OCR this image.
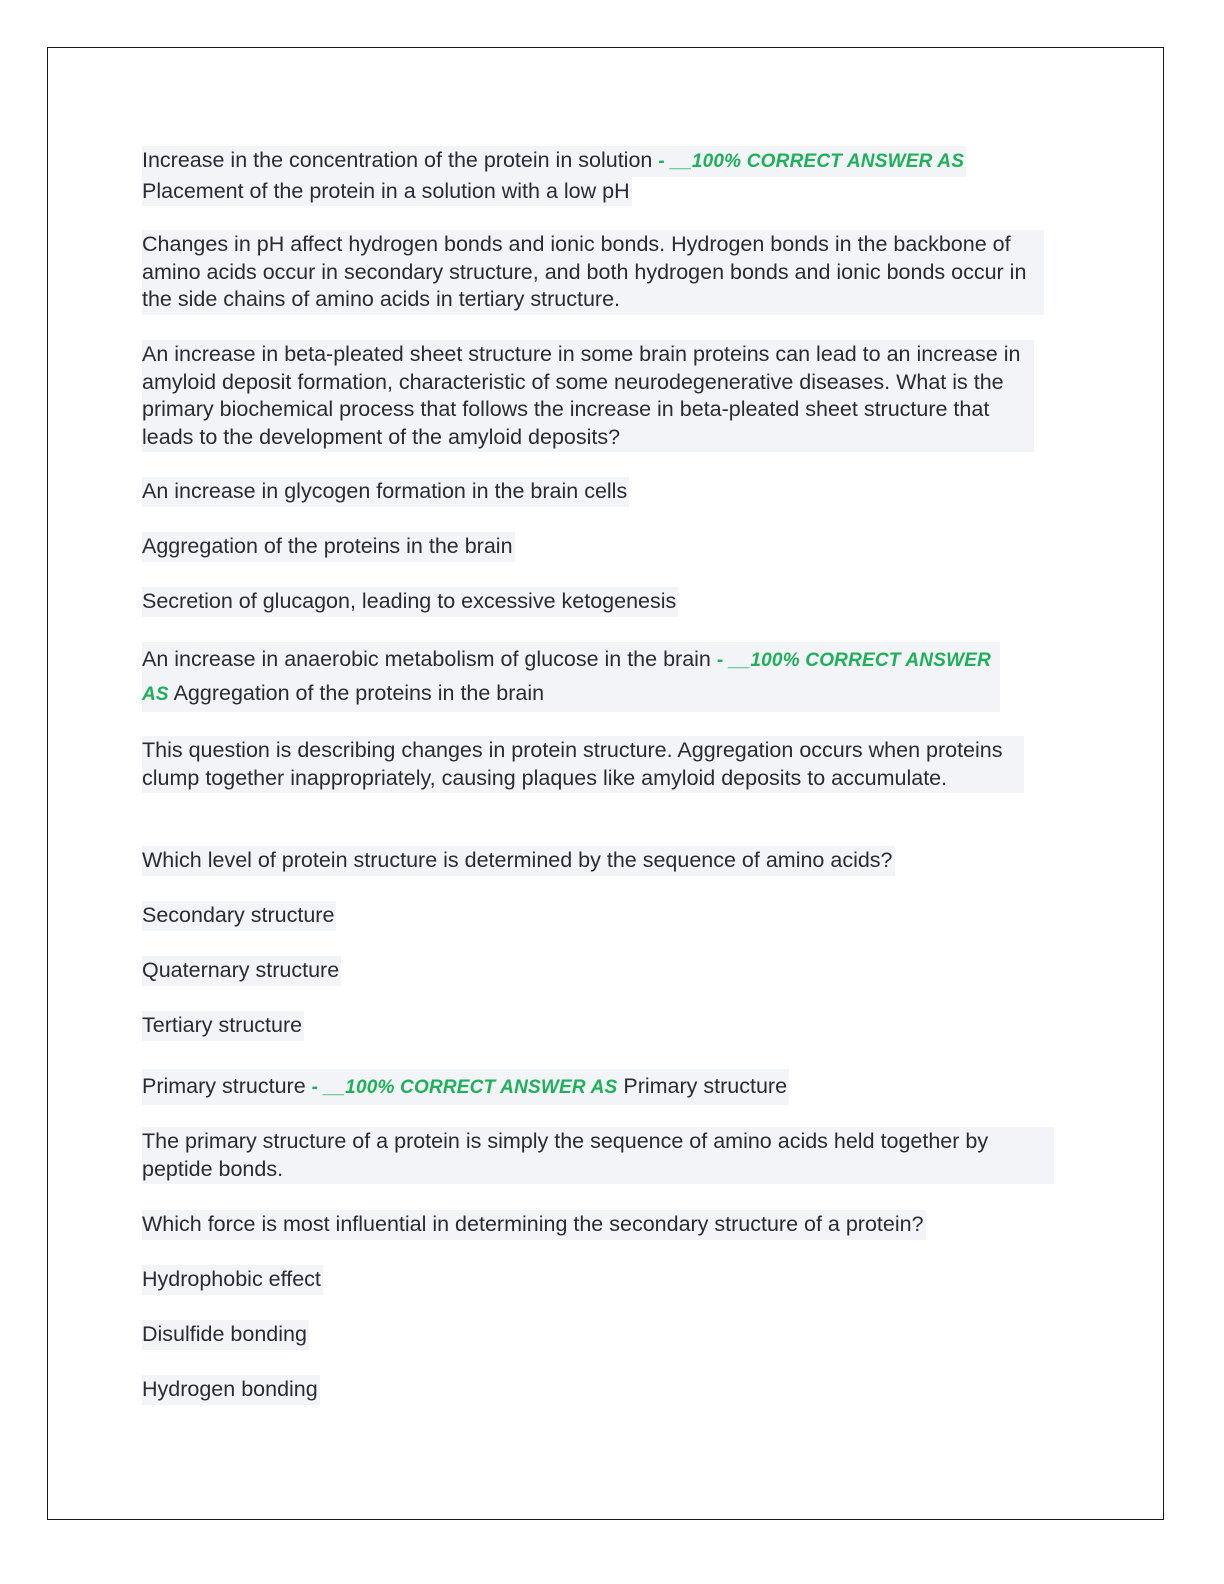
Increase in the concentration of the protein in solution - __100% CORRECT ANSWER AS
Placement of the protein in a solution with a low pH
Changes in pH affect hydrogen bonds and ionic bonds. Hydrogen bonds in the backbone of amino acids occur in secondary structure, and both hydrogen bonds and ionic bonds occur in the side chains of amino acids in tertiary structure.
An increase in beta-pleated sheet structure in some brain proteins can lead to an increase in amyloid deposit formation, characteristic of some neurodegenerative diseases. What is the primary biochemical process that follows the increase in beta-pleated sheet structure that leads to the development of the amyloid deposits?
An increase in glycogen formation in the brain cells
Aggregation of the proteins in the brain
Secretion of glucagon, leading to excessive ketogenesis
An increase in anaerobic metabolism of glucose in the brain - __100% CORRECT ANSWER AS Aggregation of the proteins in the brain
This question is describing changes in protein structure. Aggregation occurs when proteins clump together inappropriately, causing plaques like amyloid deposits to accumulate.
Which level of protein structure is determined by the sequence of amino acids?
Secondary structure
Quaternary structure
Tertiary structure
Primary structure - __100% CORRECT ANSWER AS Primary structure
The primary structure of a protein is simply the sequence of amino acids held together by peptide bonds.
Which force is most influential in determining the secondary structure of a protein?
Hydrophobic effect
Disulfide bonding
Hydrogen bonding
